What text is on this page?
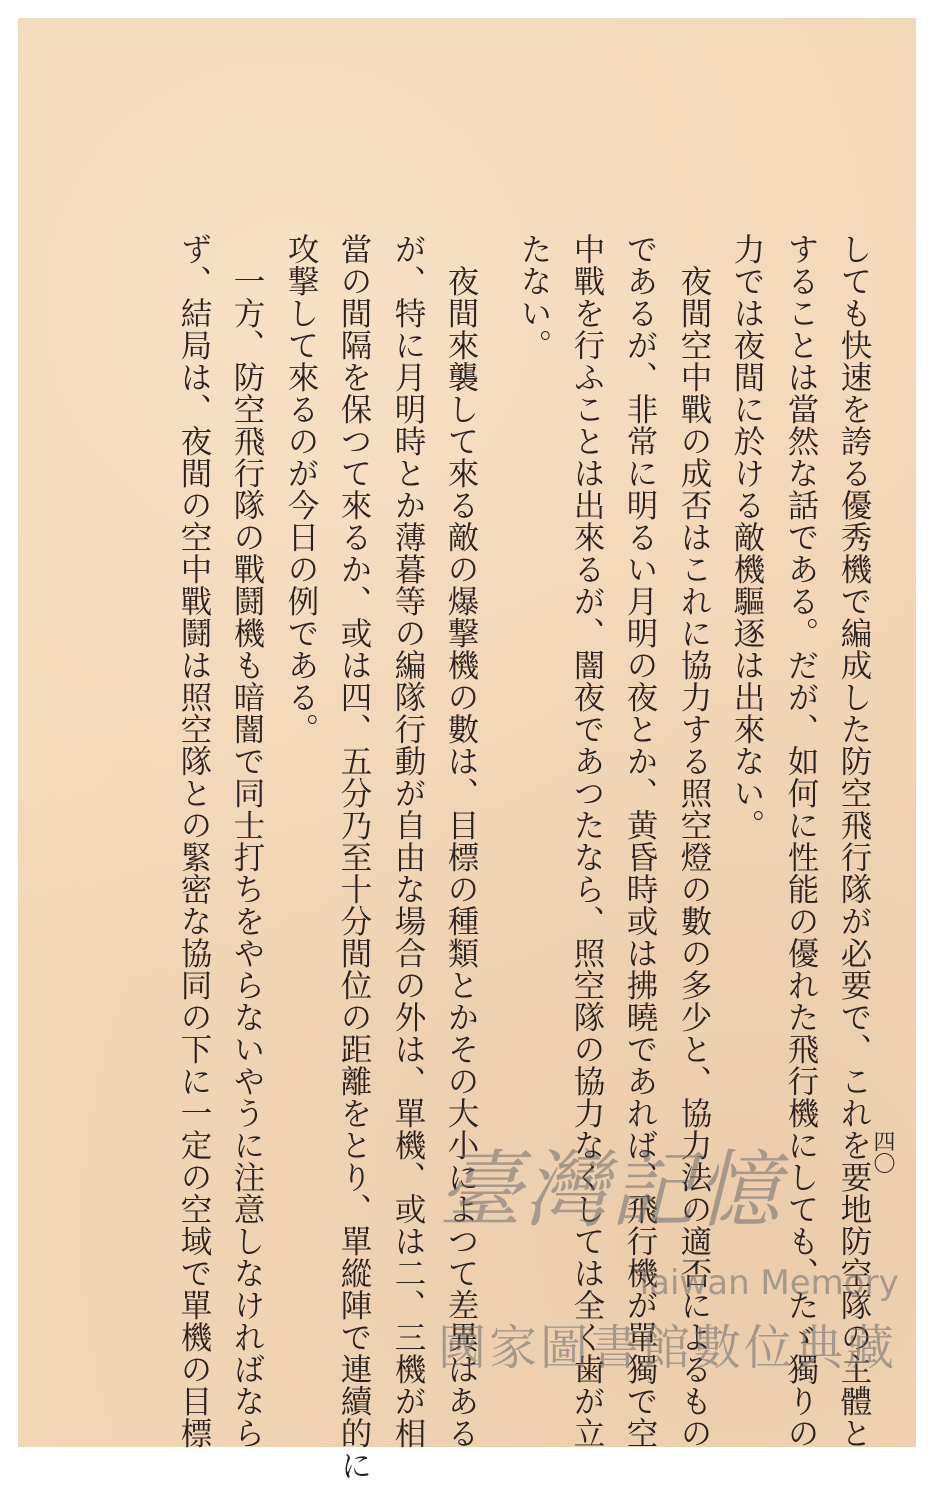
四〇
しても快速を誇る優秀機で編成した防空飛行隊が必要で、これを要地防空隊の主體と
することは當然な話である。だが、如何に性能の優れた飛行機にしても、たゞ獨りの
力では夜間に於ける敵機驅逐は出來ない。
　夜間空中戰の成否はこれに協力する照空燈の數の多少と、協力法の適否によるもの
であるが、非常に明るい月明の夜とか、黄昏時或は拂曉であれば、飛行機が單獨で空
中戰を行ふことは出來るが、闇夜であつたなら、照空隊の協力なくしては全く歯が立
たない。
　夜間來襲して來る敵の爆撃機の數は、目標の種類とかその大小によつて差異はある
が、特に月明時とか薄暮等の編隊行動が自由な場合の外は、單機、或は二、三機が相
當の間隔を保つて來るか、或は四、五分乃至十分間位の距離をとり、單縱陣で連續的に
攻撃して來るのが今日の例である。
　一方、防空飛行隊の戰鬪機も暗闇で同士打ちをやらないやうに注意しなければなら
ず、結局は、夜間の空中戰鬪は照空隊との緊密な協同の下に一定の空域で單機の目標	臺灣記憶
Taiwan Memory
國家圖書館數位典藏
